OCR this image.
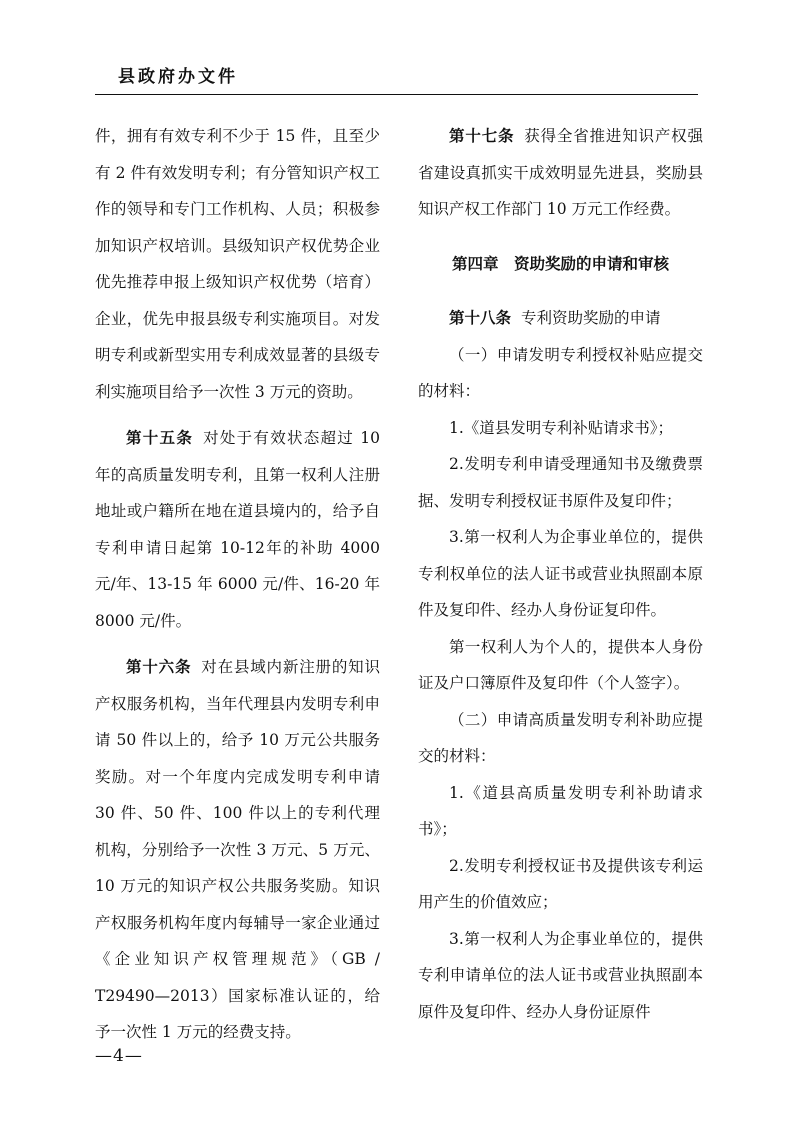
县政府办文件

件，拥有有效专利不少于 15 件，且至少有 2 件有效发明专利；有分管知识产权工作的领导和专门工作机构、人员；积极参加知识产权培训。县级知识产权优势企业优先推荐申报上级知识产权优势（培育）企业，优先申报县级专利实施项目。对发明专利或新型实用专利成效显著的县级专利实施项目给予一次性 3 万元的资助。

第十五条 对处于有效状态超过 10 年的高质量发明专利，且第一权利人注册地址或户籍所在地在道县境内的，给予自专利申请日起第 10-12年的补助 4000元/年、13-15 年 6000 元/件、16-20 年 8000 元/件。

第十六条 对在县域内新注册的知识产权服务机构，当年代理县内发明专利申请 50 件以上的，给予 10 万元公共服务奖励。对一个年度内完成发明专利申请 30 件、50 件、100 件以上的专利代理机构，分别给予一次性 3 万元、5 万元、10 万元的知识产权公共服务奖励。知识产权服务机构年度内每辅导一家企业通过《企业知识产权管理规范》（GB / T29490—2013）国家标准认证的，给予一次性 1 万元的经费支持。

第十七条 获得全省推进知识产权强省建设真抓实干成效明显先进县，奖励县知识产权工作部门 10 万元工作经费。

第四章　资助奖励的申请和审核

第十八条 专利资助奖励的申请

（一）申请发明专利授权补贴应提交的材料：

1.《道县发明专利补贴请求书》；

2.发明专利申请受理通知书及缴费票据、发明专利授权证书原件及复印件；

3.第一权利人为企事业单位的，提供专利权单位的法人证书或营业执照副本原件及复印件、经办人身份证复印件。

第一权利人为个人的，提供本人身份证及户口簿原件及复印件（个人签字）。

（二）申请高质量发明专利补助应提交的材料：

1.《道县高质量发明专利补助请求书》；

2.发明专利授权证书及提供该专利运用产生的价值效应；

3.第一权利人为企事业单位的，提供专利申请单位的法人证书或营业执照副本原件及复印件、经办人身份证原件

—4—
